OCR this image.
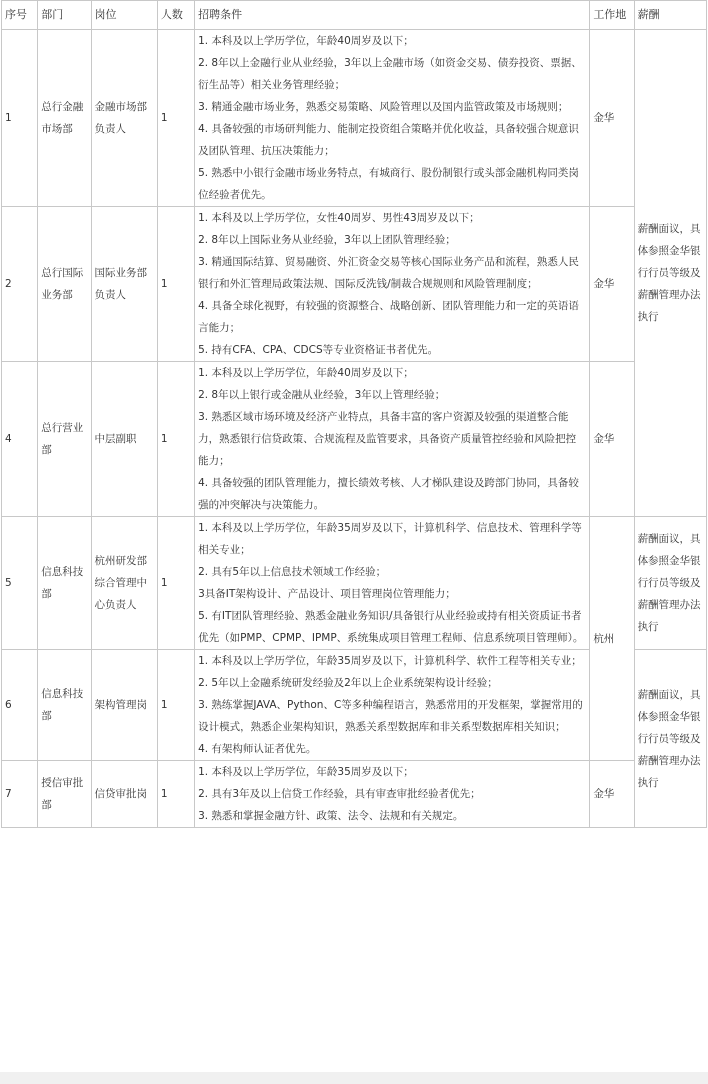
序号	部门	岗位	人数	招聘条件	工作地	薪酬
1	总行金融市场部	金融市场部负责人	1	1. 本科及以上学历学位，年龄40周岁及以下；

2. 8年以上金融行业从业经验，3年以上金融市场（如资金交易、债券投资、票据、衍生品等）相关业务管理经验；

3. 精通金融市场业务，熟悉交易策略、风险管理以及国内监管政策及市场规则；

4. 具备较强的市场研判能力、能制定投资组合策略并优化收益，具备较强合规意识及团队管理、抗压决策能力；

5. 熟悉中小银行金融市场业务特点，有城商行、股份制银行或头部金融机构同类岗位经验者优先。	金华	薪酬面议，具体参照金华银行行员等级及薪酬管理办法执行
2	总行国际业务部	国际业务部负责人	1	1. 本科及以上学历学位，女性40周岁、男性43周岁及以下；

2. 8年以上国际业务从业经验，3年以上团队管理经验；

3. 精通国际结算、贸易融资、外汇资金交易等核心国际业务产品和流程，熟悉人民银行和外汇管理局政策法规、国际反洗钱/制裁合规规则和风险管理制度；

4. 具备全球化视野，有较强的资源整合、战略创新、团队管理能力和一定的英语语言能力；

5. 持有CFA、CPA、CDCS等专业资格证书者优先。	金华	
4	总行营业部	中层副职	1	1. 本科及以上学历学位，年龄40周岁及以下；

2. 8年以上银行或金融从业经验，3年以上管理经验；

3. 熟悉区域市场环境及经济产业特点，具备丰富的客户资源及较强的渠道整合能力，熟悉银行信贷政策、合规流程及监管要求，具备资产质量管控经验和风险把控能力；

4. 具备较强的团队管理能力，擅长绩效考核、人才梯队建设及跨部门协同，具备较强的冲突解决与决策能力。	金华	
5	信息科技部	杭州研发部综合管理中心负责人	1	1. 本科及以上学历学位，年龄35周岁及以下，计算机科学、信息技术、管理科学等相关专业；

2. 具有5年以上信息技术领域工作经验；

3具备IT架构设计、产品设计、项目管理岗位管理能力；

5. 有IT团队管理经验、熟悉金融业务知识/具备银行从业经验或持有相关资质证书者优先（如PMP、CPMP、IPMP、系统集成项目管理工程师、信息系统项目管理师）。	杭州	薪酬面议，具体参照金华银行行员等级及薪酬管理办法执行
6	信息科技部	架构管理岗	1	1. 本科及以上学历学位，年龄35周岁及以下，计算机科学、软件工程等相关专业；

2. 5年以上金融系统研发经验及2年以上企业系统架构设计经验；

3. 熟练掌握JAVA、Python、C等多种编程语言，熟悉常用的开发框架，掌握常用的设计模式，熟悉企业架构知识，熟悉关系型数据库和非关系型数据库相关知识；

4. 有架构师认证者优先。		薪酬面议，具体参照金华银行行员等级及薪酬管理办法执行
7	授信审批部	信贷审批岗	1	1. 本科及以上学历学位，年龄35周岁及以下；

2. 具有3年及以上信贷工作经验，具有审查审批经验者优先；

3. 熟悉和掌握金融方针、政策、法令、法规和有关规定。	金华	
